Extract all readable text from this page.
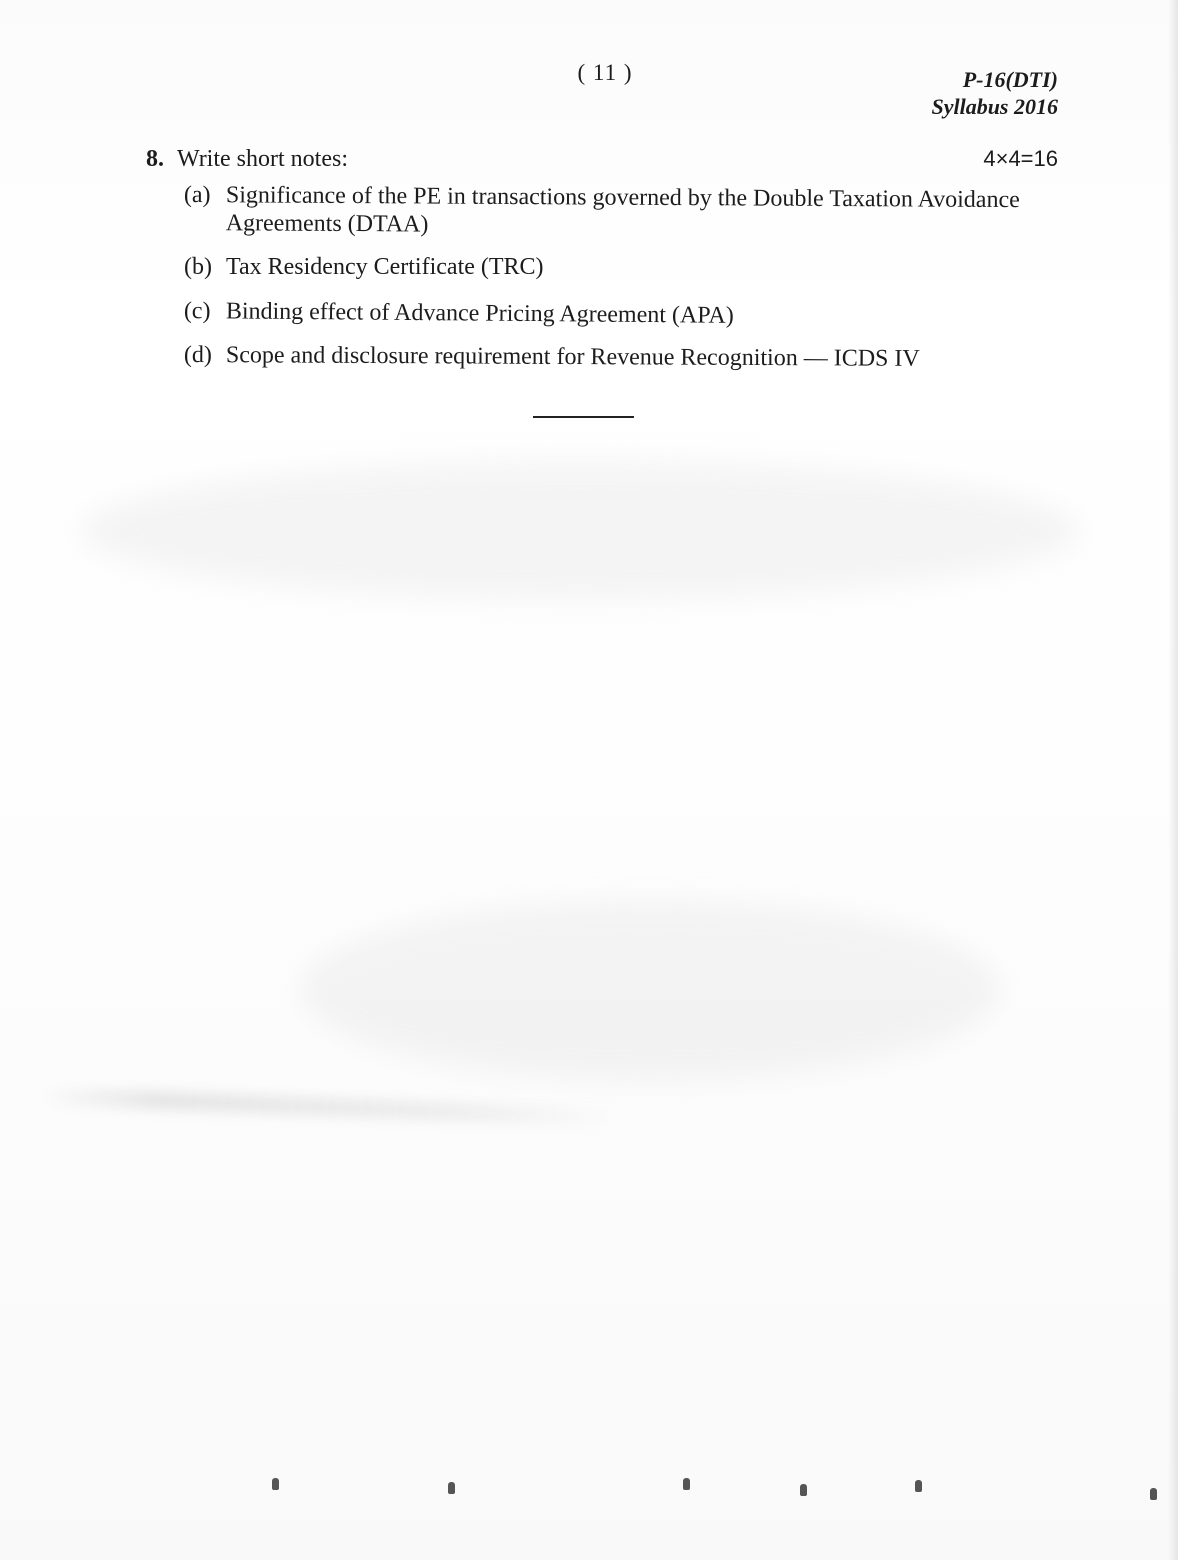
( 11 )	P-16(DTI)
Syllabus 2016
8. Write short notes:	4×4=16
(a) Significance of the PE in transactions governed by the Double Taxation Avoidance Agreements (DTAA)
(b) Tax Residency Certificate (TRC)
(c) Binding effect of Advance Pricing Agreement (APA)
(d) Scope and disclosure requirement for Revenue Recognition — ICDS IV
